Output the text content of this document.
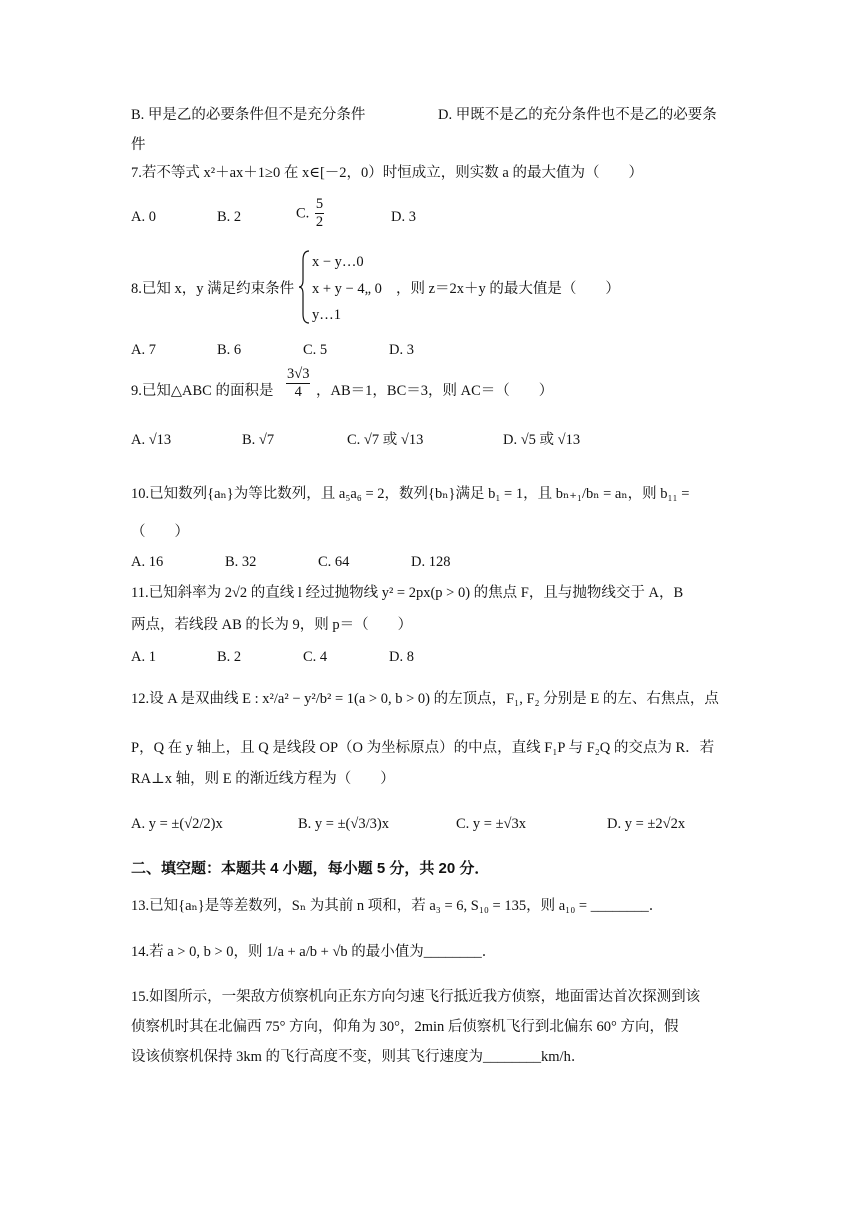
B. 甲是乙的必要条件但不是充分条件	D. 甲既不是乙的充分条件也不是乙的必要条
件
7.若不等式 x²＋ax＋1≥0 在 x∈[－2，0）时恒成立，则实数 a 的最大值为（　　）
A. 0	B. 2	C. $\frac{5}{2}$	D. 3
8.已知 x，y 满足约束条件
x − y…0
x + y − 4„ 0
y…1
，则 z＝2x＋y 的最大值是（　　）
A. 7	B. 6	C. 5	D. 3
9.已知△ABC 的面积是 $\frac{3√3}{4}$ ，AB＝1，BC＝3，则 AC＝（　　）
A. √13	B. √7	C. √7 或 √13	D. √5 或 √13
10.已知数列{aₙ}为等比数列，且 a₅a₆ = 2，数列{bₙ}满足 b₁ = 1，且 bₙ₊₁/bₙ = aₙ，则 b₁₁ =
（　　）
A. 16	B. 32	C. 64	D. 128
11.已知斜率为 2√2 的直线 l 经过抛物线 y² = 2px(p > 0) 的焦点 F，且与抛物线交于 A，B
两点，若线段 AB 的长为 9，则 p＝（　　）
A. 1	B. 2	C. 4	D. 8
12.设 A 是双曲线 E : x²/a² − y²/b² = 1(a > 0, b > 0) 的左顶点，F₁, F₂ 分别是 E 的左、右焦点，点
P，Q 在 y 轴上，且 Q 是线段 OP（O 为坐标原点）的中点，直线 F₁P 与 F₂Q 的交点为 R．若
RA⊥x 轴，则 E 的渐近线方程为（　　）
A. y = ±(√2/2)x	B. y = ±(√3/3)x	C. y = ±√3x	D. y = ±2√2x
二、填空题：本题共 4 小题，每小题 5 分，共 20 分．
13.已知{aₙ}是等差数列，Sₙ 为其前 n 项和，若 a₃ = 6, S₁₀ = 135，则 a₁₀ = ________．
14.若 a > 0, b > 0，则 1/a + a/b + √b 的最小值为________．
15.如图所示，一架敌方侦察机向正东方向匀速飞行抵近我方侦察，地面雷达首次探测到该
侦察机时其在北偏西 75° 方向，仰角为 30°，2min 后侦察机飞行到北偏东 60° 方向，假
设该侦察机保持 3km 的飞行高度不变，则其飞行速度为________km/h．
